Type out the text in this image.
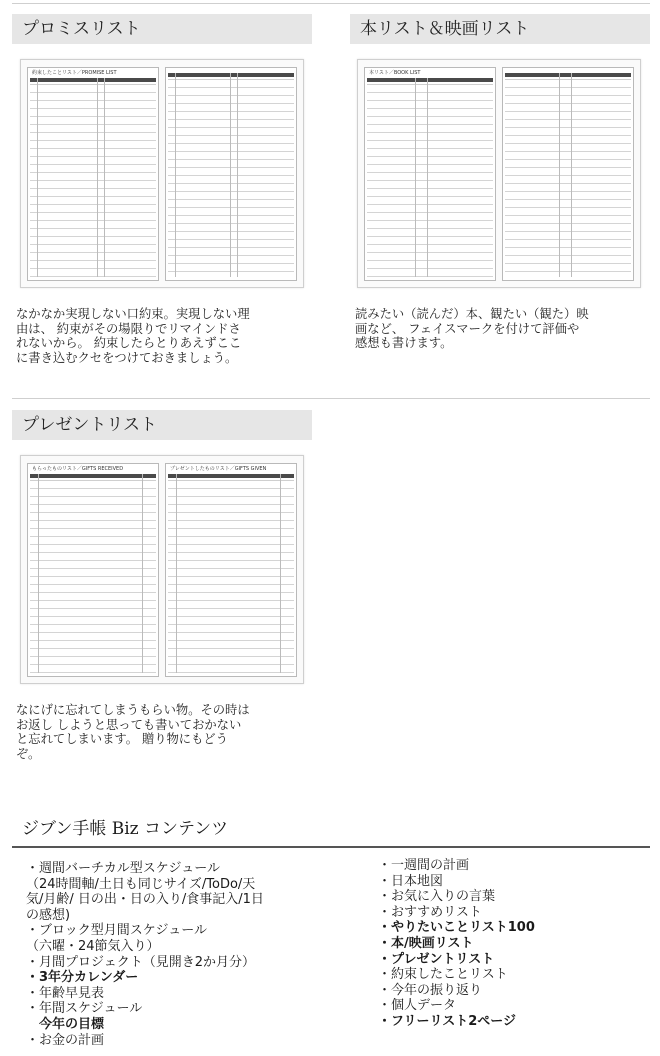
プロミスリスト
約束したことリスト／PROMISE LIST
なかなか実現しない口約束。実現しない理
由は、 約束がその場限りでリマインドさ
れないから。 約束したらとりあえずここ
に書き込むクセをつけておきましょう。
本リスト＆映画リスト
本リスト／BOOK LIST
読みたい（読んだ）本、観たい（観た）映
画など、 フェイスマークを付けて評価や
感想も書けます。
プレゼントリスト
もらったものリスト／GIFTS RECEIVED	プレゼントしたものリスト／GIFTS GIVEN
なにげに忘れてしまうもらい物。その時は
お返し しようと思っても書いておかない
と忘れてしまいます。 贈り物にもどう
ぞ。
ジブン手帳 Biz コンテンツ
・週間バーチカル型スケジュール
（24時間軸/土日も同じサイズ/ToDo/天
気/月齢/ 日の出・日の入り/食事記入/1日
の感想)
・ブロック型月間スケジュール
（六曜・24節気入り）
・月間プロジェクト（見開き2か月分）
・3年分カレンダー
・年齢早見表
・年間スケジュール
　今年の目標
・お金の計画
・一週間の計画
・日本地図
・お気に入りの言葉
・おすすめリスト
・やりたいことリスト100
・本/映画リスト
・プレゼントリスト
・約束したことリスト
・今年の振り返り
・個人データ
・フリーリスト2ページ
